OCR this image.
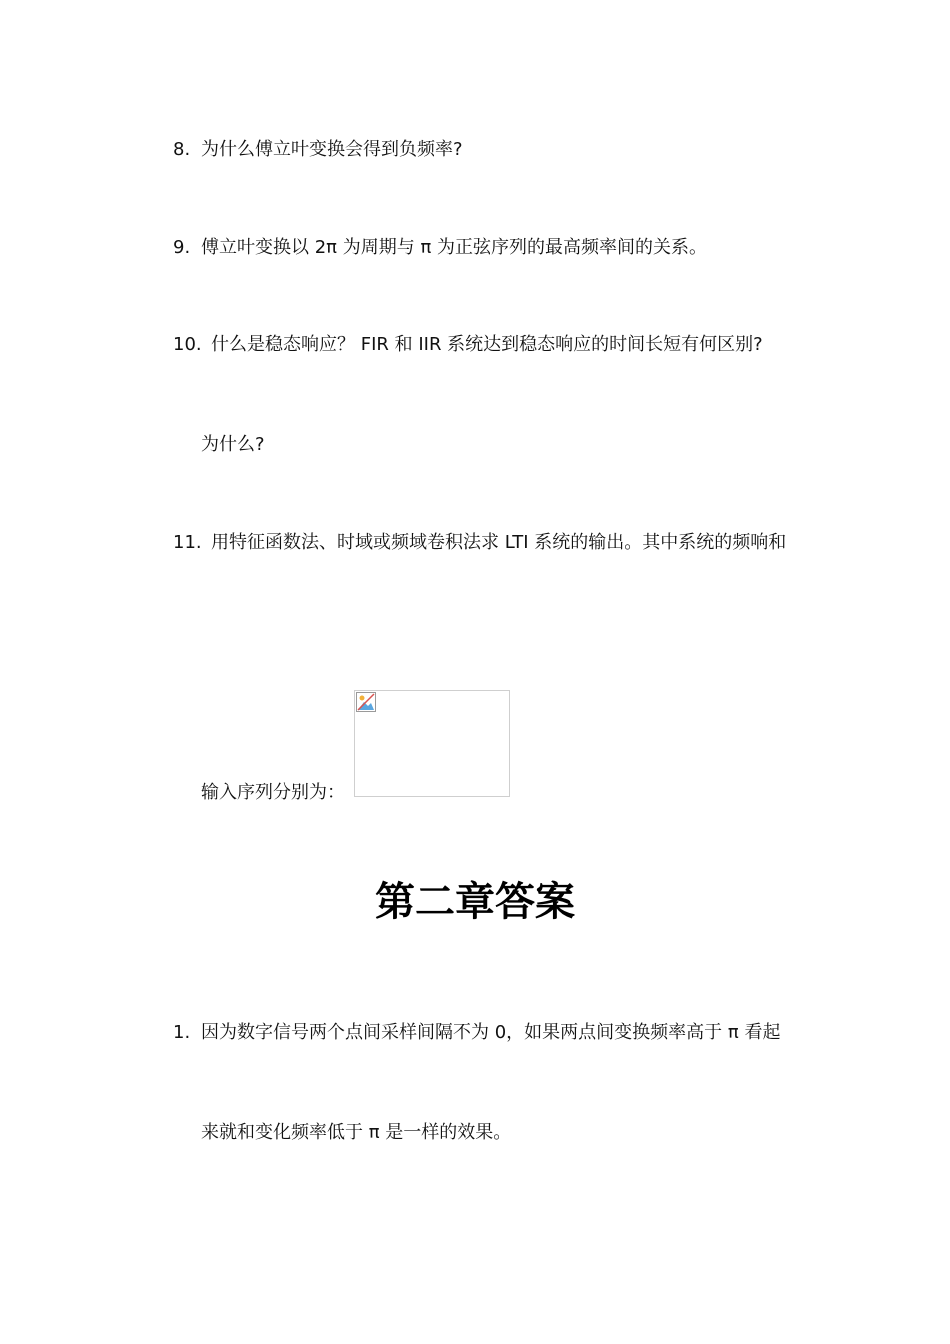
8. 为什么傅立叶变换会得到负频率?
9. 傅立叶变换以 2π 为周期与 π 为正弦序列的最高频率间的关系。
10. 什么是稳态响应？ FIR 和 IIR 系统达到稳态响应的时间长短有何区别?
为什么?
11. 用特征函数法、时域或频域卷积法求 LTI 系统的输出。其中系统的频响和
输入序列分别为：
第二章答案
1. 因为数字信号两个点间采样间隔不为 0，如果两点间变换频率高于 π 看起
来就和变化频率低于 π 是一样的效果。
